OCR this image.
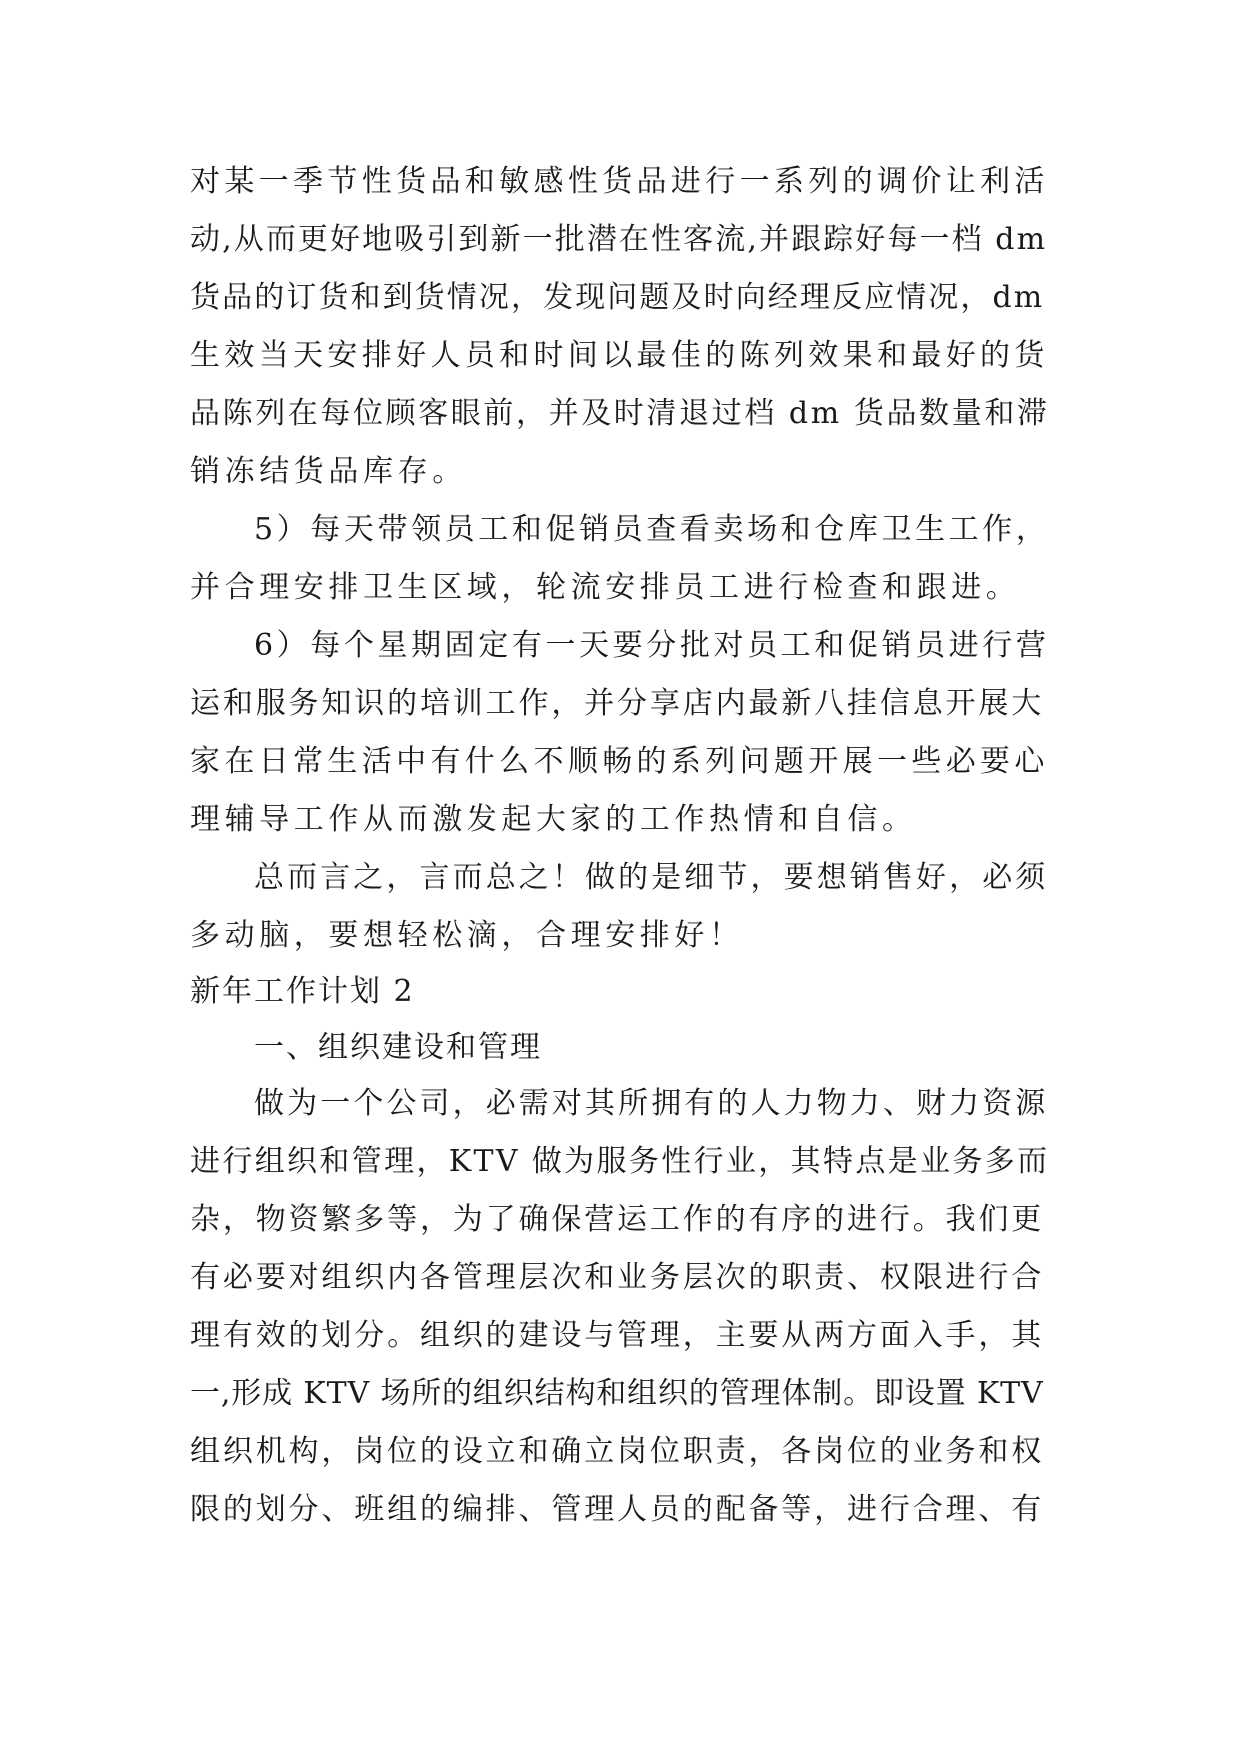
对某一季节性货品和敏感性货品进行一系列的调价让利活
动,从而更好地吸引到新一批潜在性客流,并跟踪好每一档 dm
货品的订货和到货情况，发现问题及时向经理反应情况，dm
生效当天安排好人员和时间以最佳的陈列效果和最好的货
品陈列在每位顾客眼前，并及时清退过档 dm 货品数量和滞
销冻结货品库存。
5）每天带领员工和促销员查看卖场和仓库卫生工作，
并合理安排卫生区域，轮流安排员工进行检查和跟进。
6）每个星期固定有一天要分批对员工和促销员进行营
运和服务知识的培训工作，并分享店内最新八挂信息开展大
家在日常生活中有什么不顺畅的系列问题开展一些必要心
理辅导工作从而激发起大家的工作热情和自信。
总而言之，言而总之！做的是细节，要想销售好，必须
多动脑，要想轻松滴，合理安排好！
新年工作计划 2
一、组织建设和管理
做为一个公司，必需对其所拥有的人力物力、财力资源
进行组织和管理，KTV 做为服务性行业，其特点是业务多而
杂，物资繁多等，为了确保营运工作的有序的进行。我们更
有必要对组织内各管理层次和业务层次的职责、权限进行合
理有效的划分。组织的建设与管理，主要从两方面入手，其
一,形成 KTV 场所的组织结构和组织的管理体制。即设置 KTV
组织机构，岗位的设立和确立岗位职责，各岗位的业务和权
限的划分、班组的编排、管理人员的配备等，进行合理、有
